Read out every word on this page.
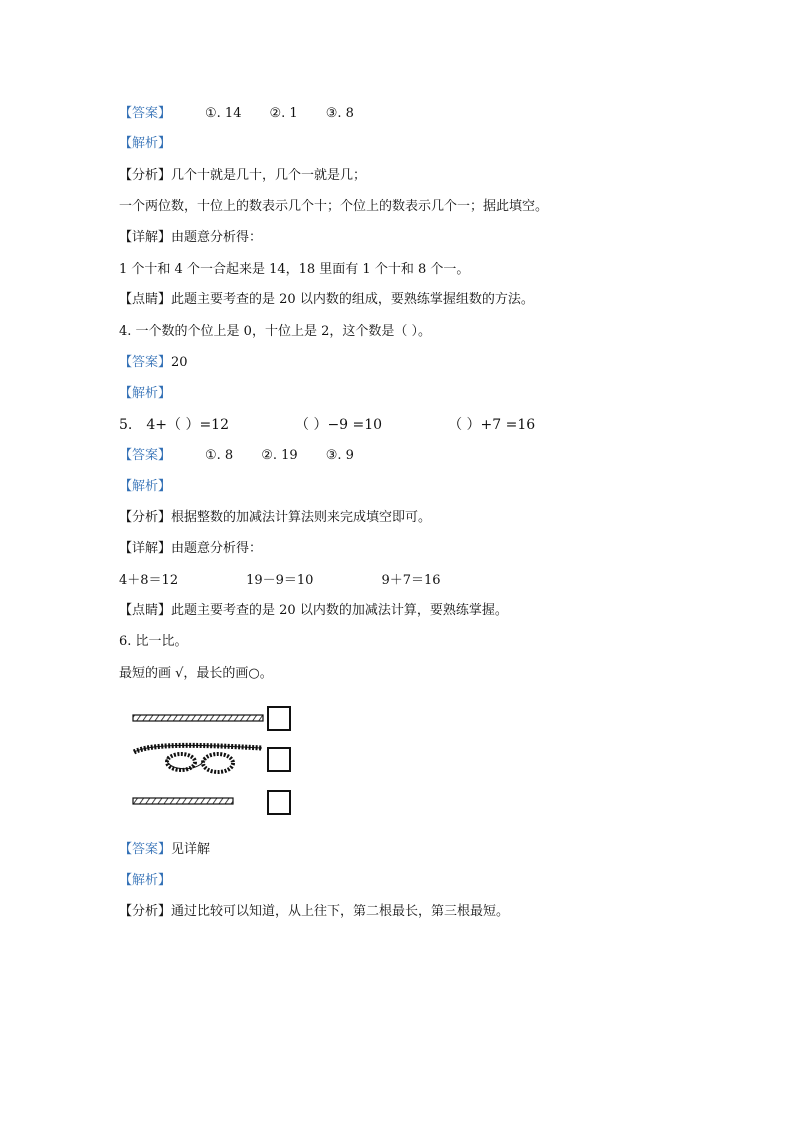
【答案】	①. 14 ②. 1 ③. 8
【解析】
【分析】几个十就是几十，几个一就是几；
一个两位数，十位上的数表示几个十；个位上的数表示几个一；据此填空。
【详解】由题意分析得：
1 个十和 4 个一合起来是 14，18 里面有 1 个十和 8 个一。
【点睛】此题主要考查的是 20 以内数的组成，要熟练掌握组数的方法。
4. 一个数的个位上是 0，十位上是 2，这个数是（ ）。
【答案】20
【解析】
5. 4+（ ）=12	（ ）−9 =10	（ ）+7 =16
【答案】	①. 8 ②. 19 ③. 9
【解析】
【分析】根据整数的加减法计算法则来完成填空即可。
【详解】由题意分析得：
4＋8＝12	19－9＝10	9＋7＝16
【点睛】此题主要考查的是 20 以内数的加减法计算，要熟练掌握。
6. 比一比。
最短的画 √，最长的画○。
【答案】见详解
【解析】
【分析】通过比较可以知道，从上往下，第二根最长，第三根最短。
